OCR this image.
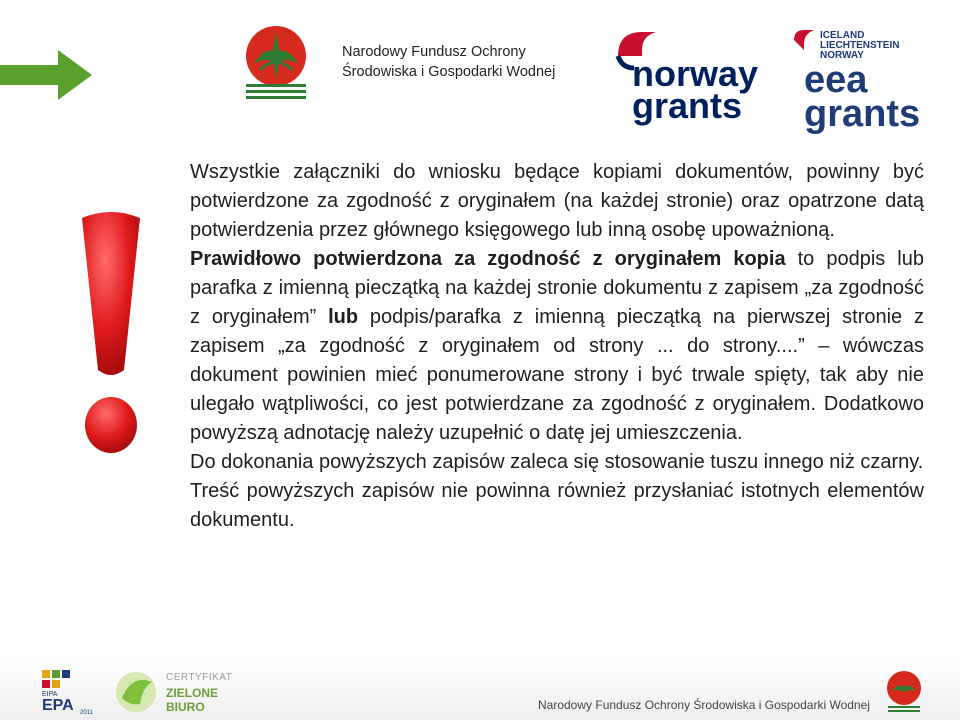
Narodowy Fundusz Ochrony
Środowiska i Gospodarki Wodnej norway
grants
ICELAND
LIECHTENSTEIN
NORWAY
eea
grants

Wszystkie załączniki do wniosku będące kopiami dokumentów, powinny być potwierdzone za zgodność z oryginałem (na każdej stronie) oraz opatrzone datą potwierdzenia przez głównego księgowego lub inną osobę upoważnioną.

Prawidłowo potwierdzona za zgodność z oryginałem kopia to podpis lub parafka z imienną pieczątką na każdej stronie dokumentu z zapisem „za zgodność z oryginałem” lub podpis/parafka z imienną pieczątką na pierwszej stronie z zapisem „za zgodność z oryginałem od strony ... do strony....” – wówczas dokument powinien mieć ponumerowane strony i być trwale spięty, tak aby nie ulegało wątpliwości, co jest potwierdzane za zgodność z oryginałem. Dodatkowo powyższą adnotację należy uzupełnić o datę jej umieszczenia.

Do dokonania powyższych zapisów zaleca się stosowanie tuszu innego niż czarny.

Treść powyższych zapisów nie powinna również przysłaniać istotnych elementów dokumentu.

EIPA
EPA 2011
CERTYFIKAT
ZIELONE
BIURO	Narodowy Fundusz Ochrony Środowiska i Gospodarki Wodnej
